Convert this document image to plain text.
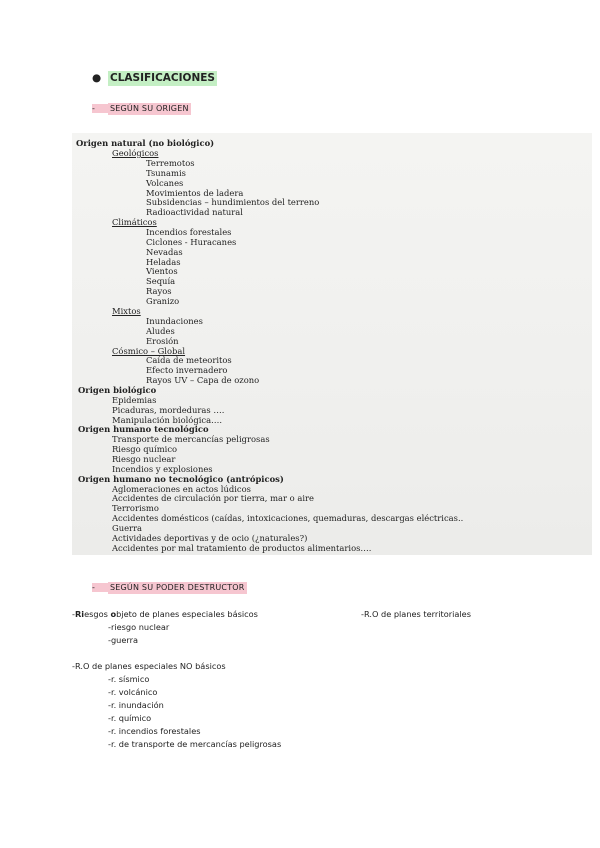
● CLASIFICACIONES
- SEGÚN SU ORIGEN
Origen natural (no biológico)
Geológicos
Terremotos
Tsunamis
Volcanes
Movimientos de ladera
Subsidencias – hundimientos del terreno
Radioactividad natural
Climáticos
Incendios forestales
Ciclones - Huracanes
Nevadas
Heladas
Vientos
Sequía
Rayos
Granizo
Mixtos
Inundaciones
Aludes
Erosión
Cósmico – Global
Caída de meteoritos
Efecto invernadero
Rayos UV – Capa de ozono
Origen biológico
Epidemias
Picaduras, mordeduras ….
Manipulación biológica….
Origen humano tecnológico
Transporte de mercancías peligrosas
Riesgo químico
Riesgo nuclear
Incendios y explosiones
Origen humano no tecnológico (antrópicos)
Aglomeraciones en actos lúdicos
Accidentes de circulación por tierra, mar o aire
Terrorismo
Accidentes domésticos (caídas, intoxicaciones, quemaduras, descargas eléctricas..
Guerra
Actividades deportivas y de ocio (¿naturales?)
Accidentes por mal tratamiento de productos alimentarios….
- SEGÚN SU PODER DESTRUCTOR
-Riesgos objeto de planes especiales básicos	-R.O de planes territoriales
-riesgo nuclear
-guerra
-R.O de planes especiales NO básicos
-r. sísmico
-r. volcánico
-r. inundación
-r. químico
-r. incendios forestales
-r. de transporte de mercancías peligrosas
